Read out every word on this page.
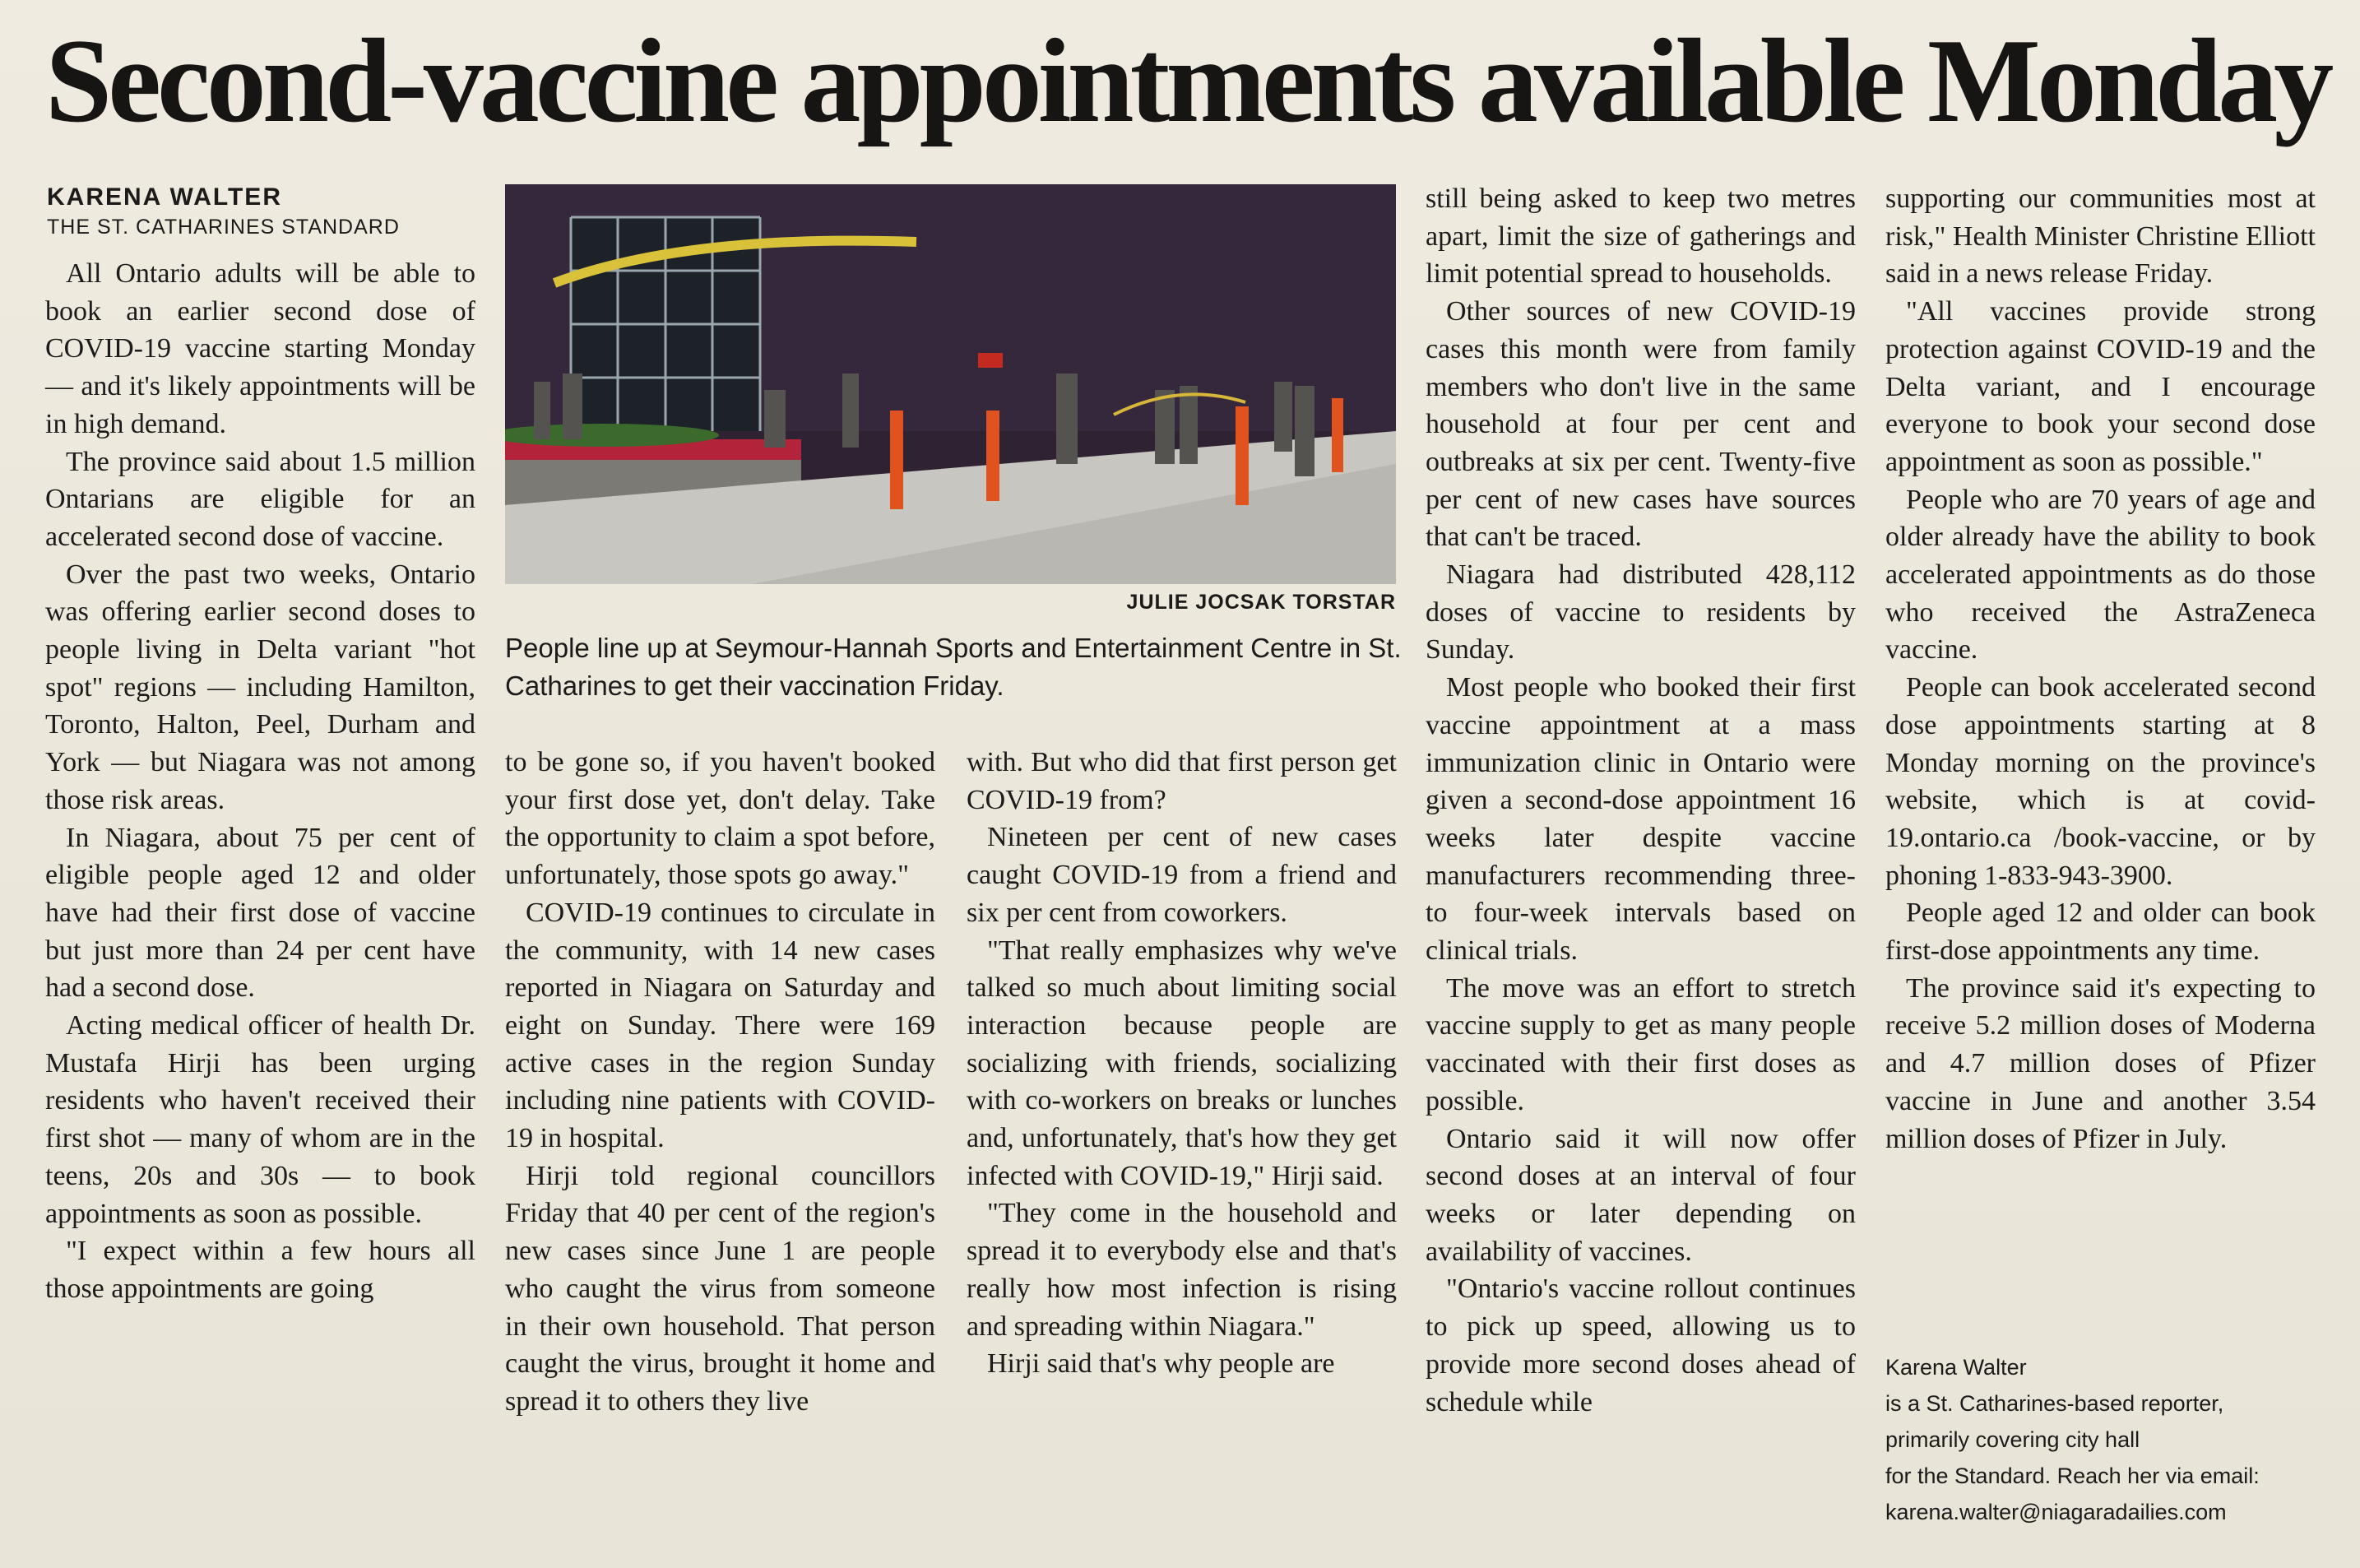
Second-vaccine appointments available Monday
KARENA WALTER
THE ST. CATHARINES STANDARD

All Ontario adults will be able to book an earlier second dose of COVID-19 vaccine starting Monday — and it's likely appointments will be in high demand.

The province said about 1.5 million Ontarians are eligible for an accelerated second dose of vaccine.

Over the past two weeks, Ontario was offering earlier second doses to people living in Delta variant "hot spot" regions — including Hamilton, Toronto, Halton, Peel, Durham and York — but Niagara was not among those risk areas.

In Niagara, about 75 per cent of eligible people aged 12 and older have had their first dose of vaccine but just more than 24 per cent have had a second dose.

Acting medical officer of health Dr. Mustafa Hirji has been urging residents who haven't received their first shot — many of whom are in the teens, 20s and 30s — to book appointments as soon as possible.

"I expect within a few hours all those appointments are going

JULIE JOCSAK TORSTAR
People line up at Seymour-Hannah Sports and Entertainment Centre in St. Catharines to get their vaccination Friday.

to be gone so, if you haven't booked your first dose yet, don't delay. Take the opportunity to claim a spot before, unfortunately, those spots go away."

COVID-19 continues to circulate in the community, with 14 new cases reported in Niagara on Saturday and eight on Sunday. There were 169 active cases in the region Sunday including nine patients with COVID-19 in hospital.

Hirji told regional councillors Friday that 40 per cent of the region's new cases since June 1 are people who caught the virus from someone in their own household. That person caught the virus, brought it home and spread it to others they live

with. But who did that first person get COVID-19 from?

Nineteen per cent of new cases caught COVID-19 from a friend and six per cent from coworkers.

"That really emphasizes why we've talked so much about limiting social interaction because people are socializing with friends, socializing with co-workers on breaks or lunches and, unfortunately, that's how they get infected with COVID-19," Hirji said.

"They come in the household and spread it to everybody else and that's really how most infection is rising and spreading within Niagara."

Hirji said that's why people are

still being asked to keep two metres apart, limit the size of gatherings and limit potential spread to households.

Other sources of new COVID-19 cases this month were from family members who don't live in the same household at four per cent and outbreaks at six per cent. Twenty-five per cent of new cases have sources that can't be traced.

Niagara had distributed 428,112 doses of vaccine to residents by Sunday.

Most people who booked their first vaccine appointment at a mass immunization clinic in Ontario were given a second-dose appointment 16 weeks later despite vaccine manufacturers recommending three- to four-week intervals based on clinical trials.

The move was an effort to stretch vaccine supply to get as many people vaccinated with their first doses as possible.

Ontario said it will now offer second doses at an interval of four weeks or later depending on availability of vaccines.

"Ontario's vaccine rollout continues to pick up speed, allowing us to provide more second doses ahead of schedule while

supporting our communities most at risk," Health Minister Christine Elliott said in a news release Friday.

"All vaccines provide strong protection against COVID-19 and the Delta variant, and I encourage everyone to book your second dose appointment as soon as possible."

People who are 70 years of age and older already have the ability to book accelerated appointments as do those who received the AstraZeneca vaccine.

People can book accelerated second dose appointments starting at 8 Monday morning on the province's website, which is at covid-19.ontario.ca /book-vaccine, or by phoning 1-833-943-3900.

People aged 12 and older can book first-dose appointments any time.

The province said it's expecting to receive 5.2 million doses of Moderna and 4.7 million doses of Pfizer vaccine in June and another 3.54 million doses of Pfizer in July.

Karena Walter
is a St. Catharines-based reporter,
primarily covering city hall
for the Standard. Reach her via email:
karena.walter@niagaradailies.com
